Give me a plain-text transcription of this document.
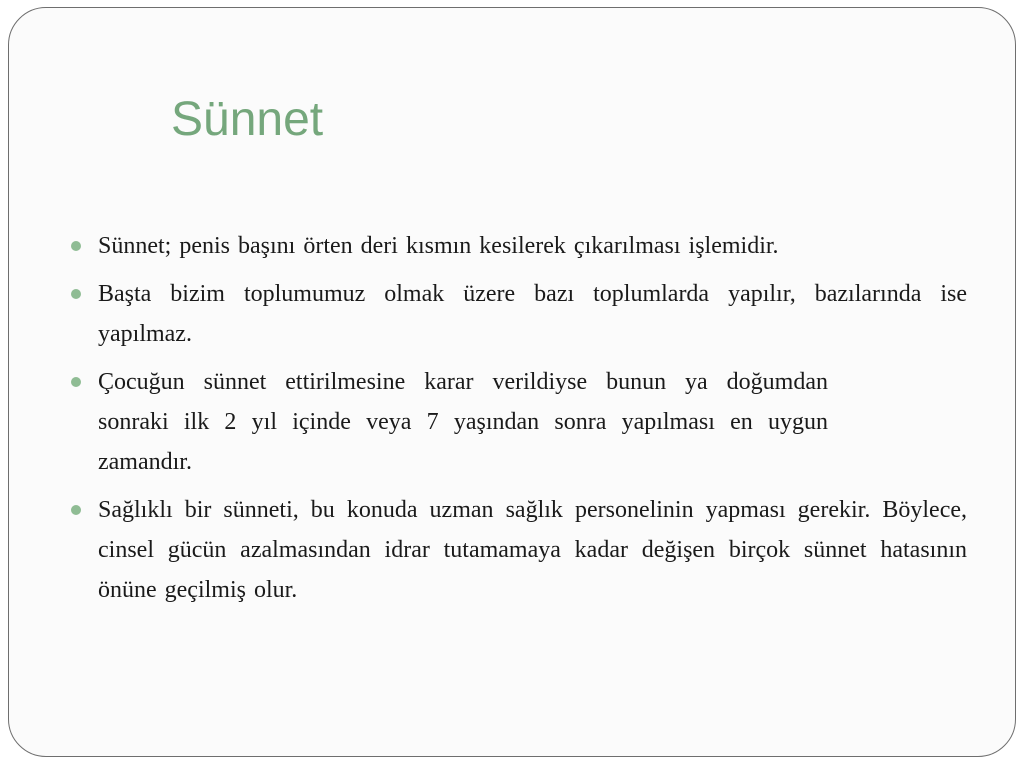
Sünnet
Sünnet; penis başını örten deri kısmın kesilerek çıkarılması işlemidir.
Başta bizim toplumumuz olmak üzere bazı toplumlarda yapılır, bazılarında ise yapılmaz.
Çocuğun sünnet ettirilmesine karar verildiyse bunun ya doğumdan sonraki ilk 2 yıl içinde veya 7 yaşından sonra yapılması en uygun zamandır.
Sağlıklı bir sünneti, bu konuda uzman sağlık personelinin yapması gerekir. Böylece, cinsel gücün azalmasından idrar tutamamaya kadar değişen birçok sünnet hatasının önüne geçilmiş olur.
